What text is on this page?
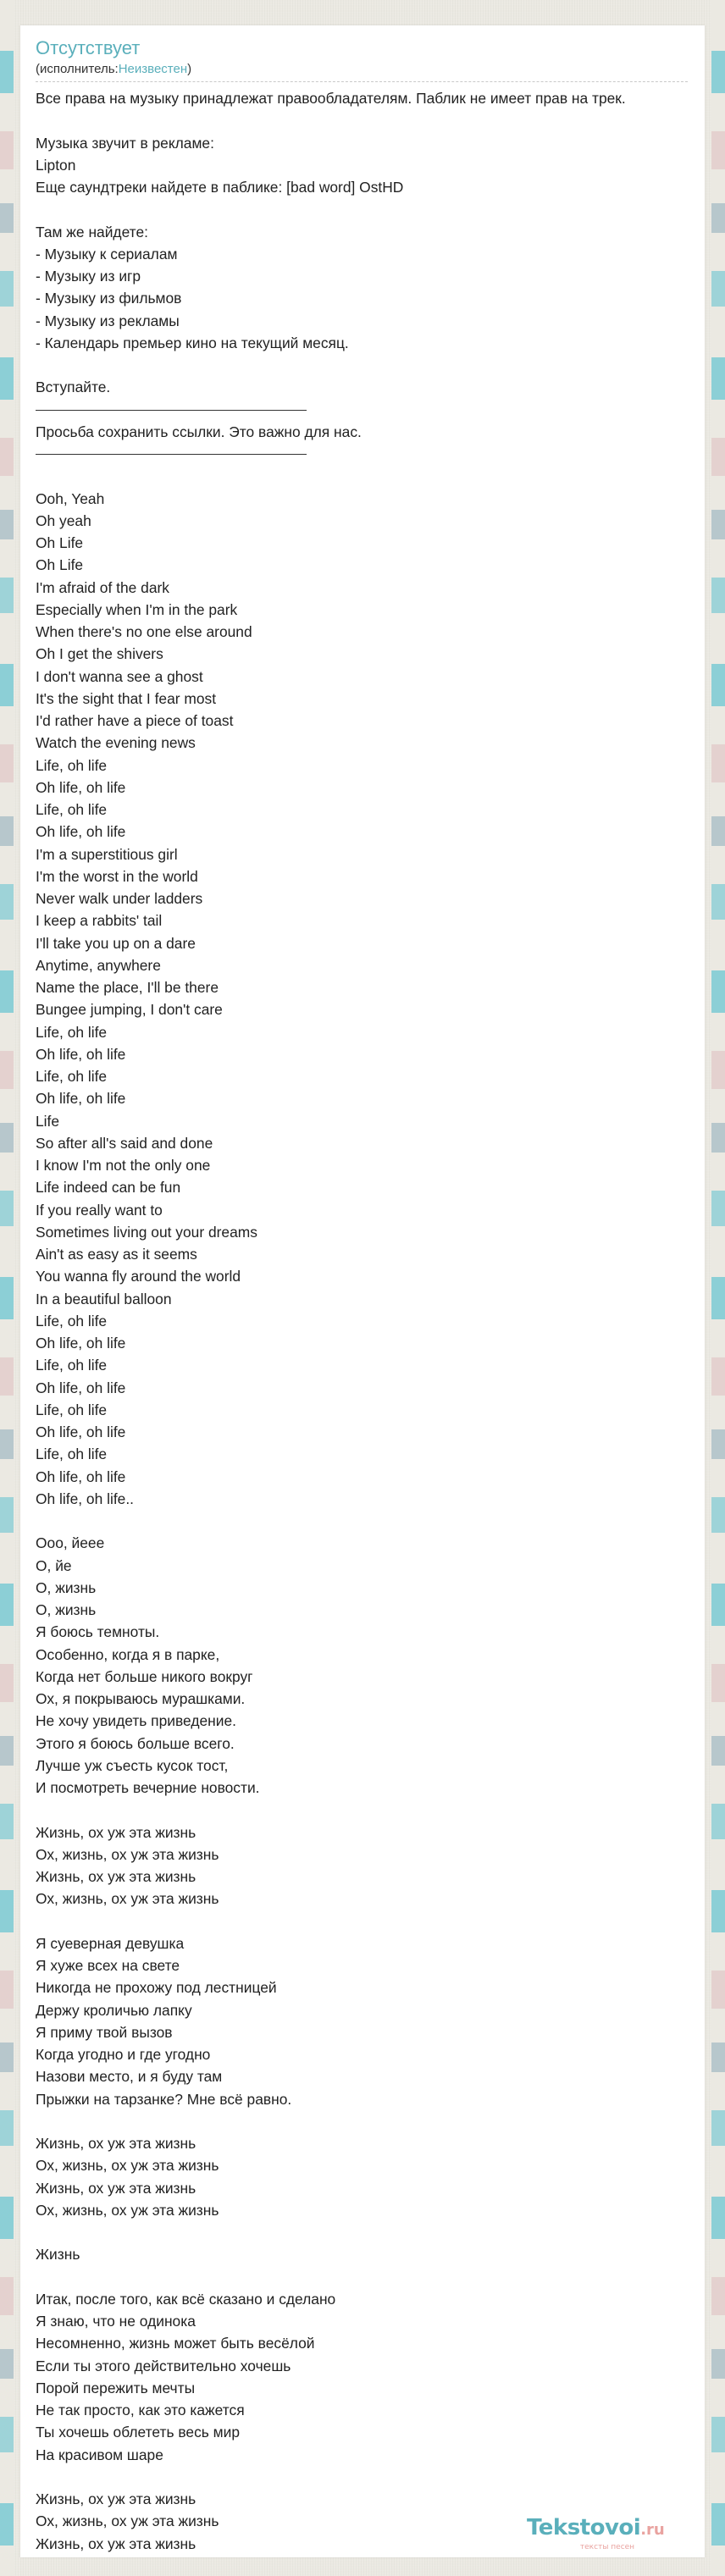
Отсутствует
(исполнитель:Неизвестен)
Все права на музыку принадлежат правообладателям. Паблик не имеет прав на трек.
Музыка звучит в рекламе:
Lipton
Еще саундтреки найдете в паблике: [bad word] OstHD
Там же найдете:
- Музыку к сериалам
- Музыку из игр
- Музыку из фильмов
- Музыку из рекламы
- Календарь премьер кино на текущий месяц.
Вступайте.
Просьба сохранить ссылки. Это важно для нас.
Ooh, Yeah
Oh yeah
Oh Life
Oh Life
I'm afraid of the dark
Especially when I'm in the park
When there's no one else around
Oh I get the shivers
I don't wanna see a ghost
It's the sight that I fear most
I'd rather have a piece of toast
Watch the evening news
Life, oh life
Oh life, oh life
Life, oh life
Oh life, oh life
I'm a superstitious girl
I'm the worst in the world
Never walk under ladders
I keep a rabbits' tail
I'll take you up on a dare
Anytime, anywhere
Name the place, I'll be there
Bungee jumping, I don't care
Life, oh life
Oh life, oh life
Life, oh life
Oh life, oh life
Life
So after all's said and done
I know I'm not the only one
Life indeed can be fun
If you really want to
Sometimes living out your dreams
Ain't as easy as it seems
You wanna fly around the world
In a beautiful balloon
Life, oh life
Oh life, oh life
Life, oh life
Oh life, oh life
Life, oh life
Oh life, oh life
Life, oh life
Oh life, oh life
Oh life, oh life..
Ооо, йеее
О, йе
О, жизнь
О, жизнь
Я боюсь темноты.
Особенно, когда я в парке,
Когда нет больше никого вокруг
Ох, я покрываюсь мурашками.
Не хочу увидеть приведение.
Этого я боюсь больше всего.
Лучше уж съесть кусок тост,
И посмотреть вечерние новости.
Жизнь, ох уж эта жизнь
Ох, жизнь, ох уж эта жизнь
Жизнь, ох уж эта жизнь
Ох, жизнь, ох уж эта жизнь
Я суеверная девушка
Я хуже всех на свете
Никогда не прохожу под лестницей
Держу кроличью лапку
Я приму твой вызов
Когда угодно и где угодно
Назови место, и я буду там
Прыжки на тарзанке? Мне всё равно.
Жизнь, ох уж эта жизнь
Ох, жизнь, ох уж эта жизнь
Жизнь, ох уж эта жизнь
Ох, жизнь, ох уж эта жизнь
Жизнь
Итак, после того, как всё сказано и сделано
Я знаю, что не одинока
Несомненно, жизнь может быть весёлой
Если ты этого действительно хочешь
Порой пережить мечты
Не так просто, как это кажется
Ты хочешь облететь весь мир
На красивом шаре
Жизнь, ох уж эта жизнь
Ох, жизнь, ох уж эта жизнь
Жизнь, ох уж эта жизнь
Tekstovoi.ru
тексты песен
